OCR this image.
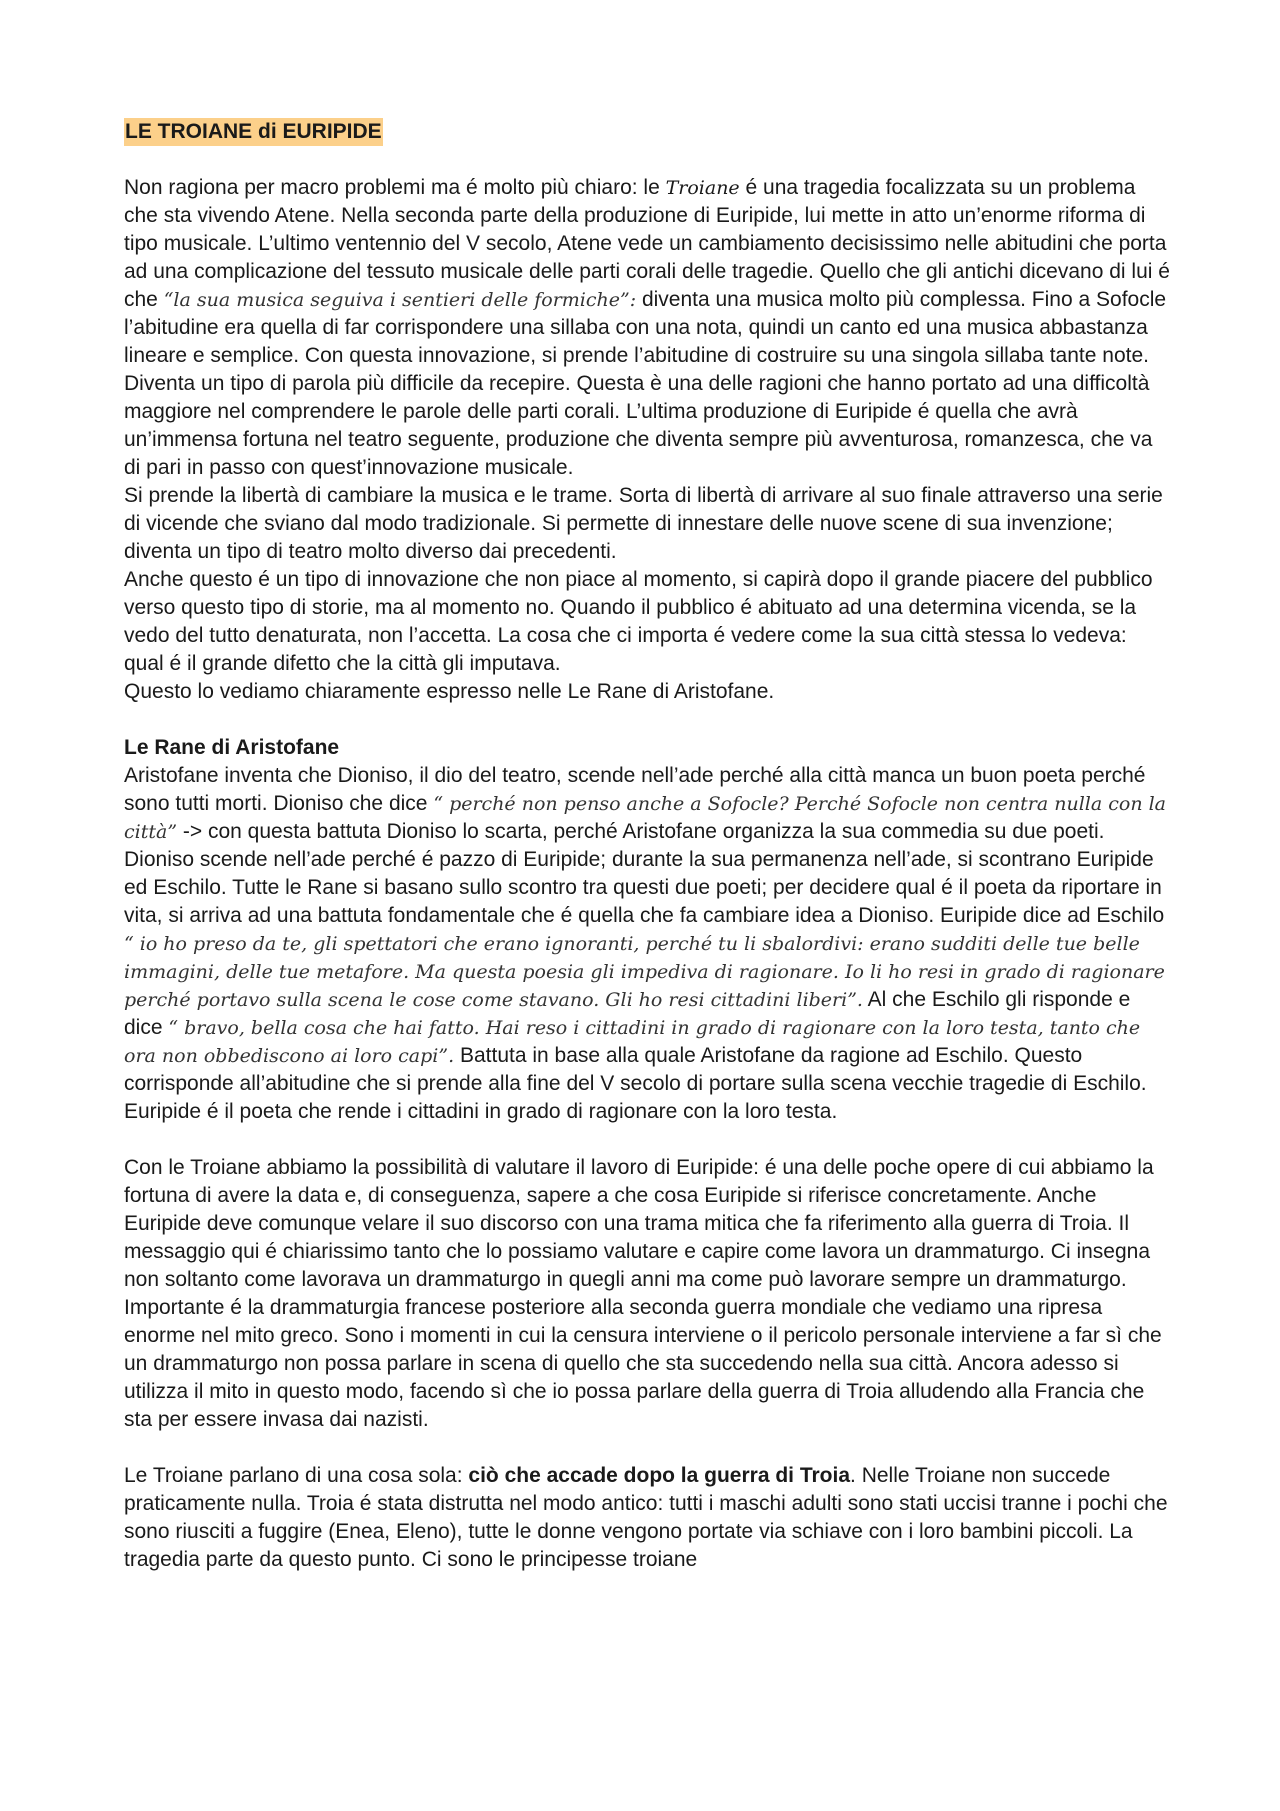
LE TROIANE di EURIPIDE

Non ragiona per macro problemi ma é molto più chiaro: le Troiane é una tragedia focalizzata su un problema che sta vivendo Atene. Nella seconda parte della produzione di Euripide, lui mette in atto un’enorme riforma di tipo musicale. L’ultimo ventennio del V secolo, Atene vede un cambiamento decisissimo nelle abitudini che porta ad una complicazione del tessuto musicale delle parti corali delle tragedie. Quello che gli antichi dicevano di lui é che “la sua musica seguiva i sentieri delle formiche”: diventa una musica molto più complessa. Fino a Sofocle l’abitudine era quella di far corrispondere una sillaba con una nota, quindi un canto ed una musica abbastanza lineare e semplice. Con questa innovazione, si prende l’abitudine di costruire su una singola sillaba tante note. Diventa un tipo di parola più difficile da recepire. Questa è una delle ragioni che hanno portato ad una difficoltà maggiore nel comprendere le parole delle parti corali. L’ultima produzione di Euripide é quella che avrà un’immensa fortuna nel teatro seguente, produzione che diventa sempre più avventurosa, romanzesca, che va di pari in passo con quest’innovazione musicale.

Si prende la libertà di cambiare la musica e le trame. Sorta di libertà di arrivare al suo finale attraverso una serie di vicende che sviano dal modo tradizionale. Si permette di innestare delle nuove scene di sua invenzione; diventa un tipo di teatro molto diverso dai precedenti.

Anche questo é un tipo di innovazione che non piace al momento, si capirà dopo il grande piacere del pubblico verso questo tipo di storie, ma al momento no. Quando il pubblico é abituato ad una determina vicenda, se la vedo del tutto denaturata, non l’accetta. La cosa che ci importa é vedere come la sua città stessa lo vedeva: qual é il grande difetto che la città gli imputava.

Questo lo vediamo chiaramente espresso nelle Le Rane di Aristofane.

Le Rane di Aristofane

Aristofane inventa che Dioniso, il dio del teatro, scende nell’ade perché alla città manca un buon poeta perché sono tutti morti. Dioniso che dice “ perché non penso anche a Sofocle? Perché Sofocle non centra nulla con la città” -> con questa battuta Dioniso lo scarta, perché Aristofane organizza la sua commedia su due poeti. Dioniso scende nell’ade perché é pazzo di Euripide; durante la sua permanenza nell’ade, si scontrano Euripide ed Eschilo. Tutte le Rane si basano sullo scontro tra questi due poeti; per decidere qual é il poeta da riportare in vita, si arriva ad una battuta fondamentale che é quella che fa cambiare idea a Dioniso. Euripide dice ad Eschilo “ io ho preso da te, gli spettatori che erano ignoranti, perché tu li sbalordivi: erano sudditi delle tue belle immagini, delle tue metafore. Ma questa poesia gli impediva di ragionare. Io li ho resi in grado di ragionare perché portavo sulla scena le cose come stavano. Gli ho resi cittadini liberi”. Al che Eschilo gli risponde e dice “ bravo, bella cosa che hai fatto. Hai reso i cittadini in grado di ragionare con la loro testa, tanto che ora non obbediscono ai loro capi”. Battuta in base alla quale Aristofane da ragione ad Eschilo. Questo corrisponde all’abitudine che si prende alla fine del V secolo di portare sulla scena vecchie tragedie di Eschilo.

Euripide é il poeta che rende i cittadini in grado di ragionare con la loro testa.

Con le Troiane abbiamo la possibilità di valutare il lavoro di Euripide: é una delle poche opere di cui abbiamo la fortuna di avere la data e, di conseguenza, sapere a che cosa Euripide si riferisce concretamente. Anche Euripide deve comunque velare il suo discorso con una trama mitica che fa riferimento alla guerra di Troia. Il messaggio qui é chiarissimo tanto che lo possiamo valutare e capire come lavora un drammaturgo. Ci insegna non soltanto come lavorava un drammaturgo in quegli anni ma come può lavorare sempre un drammaturgo. Importante é la drammaturgia francese posteriore alla seconda guerra mondiale che vediamo una ripresa enorme nel mito greco. Sono i momenti in cui la censura interviene o il pericolo personale interviene a far sì che un drammaturgo non possa parlare in scena di quello che sta succedendo nella sua città. Ancora adesso si utilizza il mito in questo modo, facendo sì che io possa parlare della guerra di Troia alludendo alla Francia che sta per essere invasa dai nazisti.

Le Troiane parlano di una cosa sola: ciò che accade dopo la guerra di Troia. Nelle Troiane non succede praticamente nulla. Troia é stata distrutta nel modo antico: tutti i maschi adulti sono stati uccisi tranne i pochi che sono riusciti a fuggire (Enea, Eleno), tutte le donne vengono portate via schiave con i loro bambini piccoli. La tragedia parte da questo punto. Ci sono le principesse troiane
